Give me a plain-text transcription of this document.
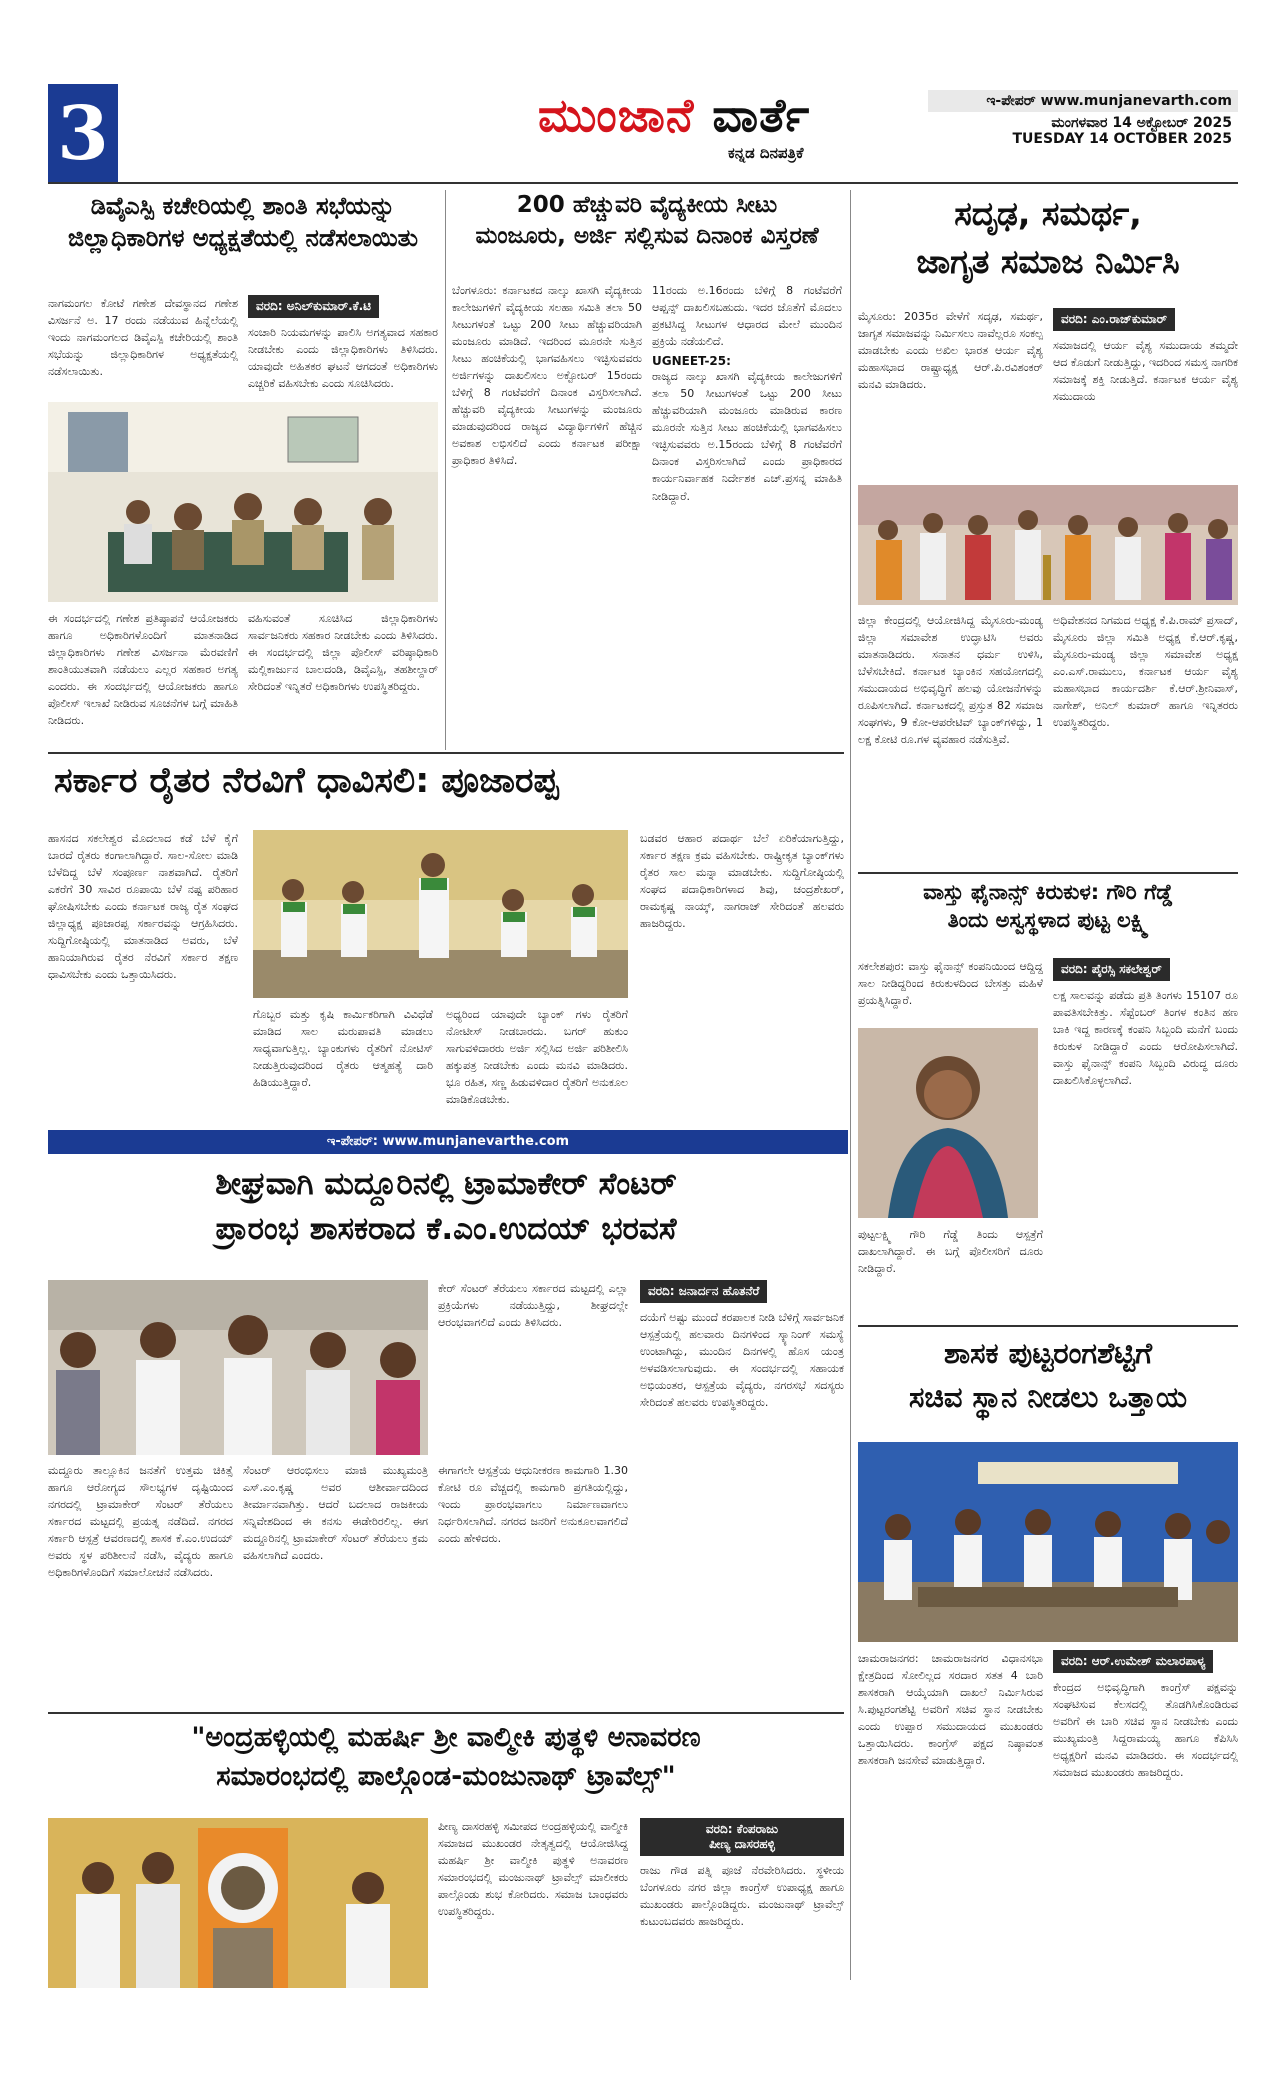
3	ಮುಂಜಾನೆ ವಾರ್ತೆ
ಕನ್ನಡ ದಿನಪತ್ರಿಕೆ
ಇ-ಪೇಪರ್ www.munjanevarth.com
ಮಂಗಳವಾರ 14 ಅಕ್ಟೋಬರ್ 2025
TUESDAY 14 OCTOBER 2025
ಡಿವೈಎಸ್ಪಿ ಕಚೇರಿಯಲ್ಲಿ ಶಾಂತಿ ಸಭೆಯನ್ನು
ಜಿಲ್ಲಾಧಿಕಾರಿಗಳ ಅಧ್ಯಕ್ಷತೆಯಲ್ಲಿ ನಡೆಸಲಾಯಿತು
ನಾಗಮಂಗಲ ಕೋಟೆ ಗಣೇಶ ದೇವಸ್ಥಾನದ ಗಣೇಶ ವಿಸರ್ಜನೆ ಅ. 17 ರಂದು ನಡೆಯುವ ಹಿನ್ನೆಲೆಯಲ್ಲಿ ಇಂದು ನಾಗಮಂಗಲದ ಡಿವೈಎಸ್ಪಿ ಕಚೇರಿಯಲ್ಲಿ ಶಾಂತಿ ಸಭೆಯನ್ನು ಜಿಲ್ಲಾಧಿಕಾರಿಗಳ ಅಧ್ಯಕ್ಷತೆಯಲ್ಲಿ ನಡೆಸಲಾಯಿತು.
ವರದಿ: ಅನಿಲ್‌ಕುಮಾರ್.ಕೆ.ಟಿ
ಸಂಚಾರಿ ನಿಯಮಗಳನ್ನು ಪಾಲಿಸಿ ಅಗತ್ಯವಾದ ಸಹಕಾರ ನೀಡಬೇಕು ಎಂದು ಜಿಲ್ಲಾಧಿಕಾರಿಗಳು ತಿಳಿಸಿದರು. ಯಾವುದೇ ಅಹಿತಕರ ಘಟನೆ ಆಗದಂತೆ ಅಧಿಕಾರಿಗಳು ಎಚ್ಚರಿಕೆ ವಹಿಸಬೇಕು ಎಂದು ಸೂಚಿಸಿದರು.
ಈ ಸಂದರ್ಭದಲ್ಲಿ ಗಣೇಶ ಪ್ರತಿಷ್ಠಾಪನೆ ಆಯೋಜಕರು ಹಾಗೂ ಅಧಿಕಾರಿಗಳೊಂದಿಗೆ ಮಾತನಾಡಿದ ಜಿಲ್ಲಾಧಿಕಾರಿಗಳು ಗಣೇಶ ವಿಸರ್ಜನಾ ಮೆರವಣಿಗೆ ಶಾಂತಿಯುತವಾಗಿ ನಡೆಯಲು ಎಲ್ಲರ ಸಹಕಾರ ಅಗತ್ಯ ಎಂದರು. ಈ ಸಂದರ್ಭದಲ್ಲಿ ಆಯೋಜಕರು ಹಾಗೂ ಪೊಲೀಸ್ ಇಲಾಖೆ ನೀಡಿರುವ ಸೂಚನೆಗಳ ಬಗ್ಗೆ ಮಾಹಿತಿ ನೀಡಿದರು.
ವಹಿಸುವಂತೆ ಸೂಚಿಸಿದ ಜಿಲ್ಲಾಧಿಕಾರಿಗಳು ಸಾರ್ವಜನಿಕರು ಸಹಕಾರ ನೀಡಬೇಕು ಎಂದು ತಿಳಿಸಿದರು. ಈ ಸಂದರ್ಭದಲ್ಲಿ ಜಿಲ್ಲಾ ಪೊಲೀಸ್ ವರಿಷ್ಠಾಧಿಕಾರಿ ಮಲ್ಲಿಕಾರ್ಜುನ ಬಾಲದಂಡಿ, ಡಿವೈಎಸ್ಪಿ, ತಹಶೀಲ್ದಾರ್ ಸೇರಿದಂತೆ ಇನ್ನಿತರೆ ಅಧಿಕಾರಿಗಳು ಉಪಸ್ಥಿತರಿದ್ದರು.
200 ಹೆಚ್ಚುವರಿ ವೈದ್ಯಕೀಯ ಸೀಟು
ಮಂಜೂರು, ಅರ್ಜಿ ಸಲ್ಲಿಸುವ ದಿನಾಂಕ ವಿಸ್ತರಣೆ
ಬೆಂಗಳೂರು: ಕರ್ನಾಟಕದ ನಾಲ್ಕು ಖಾಸಗಿ ವೈದ್ಯಕೀಯ ಕಾಲೇಜುಗಳಿಗೆ ವೈದ್ಯಕೀಯ ಸಲಹಾ ಸಮಿತಿ ತಲಾ 50 ಸೀಟುಗಳಂತೆ ಒಟ್ಟು 200 ಸೀಟು ಹೆಚ್ಚುವರಿಯಾಗಿ ಮಂಜೂರು ಮಾಡಿದೆ. ಇದರಿಂದ ಮೂರನೇ ಸುತ್ತಿನ ಸೀಟು ಹಂಚಿಕೆಯಲ್ಲಿ ಭಾಗವಹಿಸಲು ಇಚ್ಛಿಸುವವರು ಅರ್ಜಿಗಳನ್ನು ದಾಖಲಿಸಲು ಅಕ್ಟೋಬರ್ 15ರಂದು ಬೆಳಿಗ್ಗೆ 8 ಗಂಟೆವರೆಗೆ ದಿನಾಂಕ ವಿಸ್ತರಿಸಲಾಗಿದೆ. ಹೆಚ್ಚುವರಿ ವೈದ್ಯಕೀಯ ಸೀಟುಗಳನ್ನು ಮಂಜೂರು ಮಾಡುವುದರಿಂದ ರಾಜ್ಯದ ವಿದ್ಯಾರ್ಥಿಗಳಿಗೆ ಹೆಚ್ಚಿನ ಅವಕಾಶ ಲಭಿಸಲಿದೆ ಎಂದು ಕರ್ನಾಟಕ ಪರೀಕ್ಷಾ ಪ್ರಾಧಿಕಾರ ತಿಳಿಸಿದೆ.
11ರಂದು ಅ.16ರಂದು ಬೆಳಿಗ್ಗೆ 8 ಗಂಟೆವರೆಗೆ ಆಪ್ಷನ್ಸ್ ದಾಖಲಿಸಬಹುದು. ಇದರ ಜೊತೆಗೆ ಮೊದಲು ಪ್ರಕಟಿಸಿದ್ದ ಸೀಟುಗಳ ಆಧಾರದ ಮೇಲೆ ಮುಂದಿನ ಪ್ರಕ್ರಿಯೆ ನಡೆಯಲಿದೆ.
UGNEET-25:
ರಾಜ್ಯದ ನಾಲ್ಕು ಖಾಸಗಿ ವೈದ್ಯಕೀಯ ಕಾಲೇಜುಗಳಿಗೆ ತಲಾ 50 ಸೀಟುಗಳಂತೆ ಒಟ್ಟು 200 ಸೀಟು ಹೆಚ್ಚುವರಿಯಾಗಿ ಮಂಜೂರು ಮಾಡಿರುವ ಕಾರಣ ಮೂರನೇ ಸುತ್ತಿನ ಸೀಟು ಹಂಚಿಕೆಯಲ್ಲಿ ಭಾಗವಹಿಸಲು ಇಚ್ಛಿಸುವವರು ಅ.15ರಂದು ಬೆಳಿಗ್ಗೆ 8 ಗಂಟೆವರೆಗೆ ದಿನಾಂಕ ವಿಸ್ತರಿಸಲಾಗಿದೆ ಎಂದು ಪ್ರಾಧಿಕಾರದ ಕಾರ್ಯನಿರ್ವಾಹಕ ನಿರ್ದೇಶಕ ಎಚ್.ಪ್ರಸನ್ನ ಮಾಹಿತಿ ನೀಡಿದ್ದಾರೆ.
ಸದೃಢ, ಸಮರ್ಥ,
ಜಾಗೃತ ಸಮಾಜ ನಿರ್ಮಿಸಿ
ಮೈಸೂರು: 2035ರ ವೇಳೆಗೆ ಸದೃಢ, ಸಮರ್ಥ, ಜಾಗೃತ ಸಮಾಜವನ್ನು ನಿರ್ಮಿಸಲು ನಾವೆಲ್ಲರೂ ಸಂಕಲ್ಪ ಮಾಡಬೇಕು ಎಂದು ಅಖಿಲ ಭಾರತ ಆರ್ಯ ವೈಶ್ಯ ಮಹಾಸಭಾದ ರಾಷ್ಟ್ರಾಧ್ಯಕ್ಷ ಆರ್.ಪಿ.ರವಿಶಂಕರ್ ಮನವಿ ಮಾಡಿದರು.
ವರದಿ: ಎಂ.ರಾಜ್‌ಕುಮಾರ್
ಸಮಾಜದಲ್ಲಿ ಆರ್ಯ ವೈಶ್ಯ ಸಮುದಾಯ ತಮ್ಮದೇ ಆದ ಕೊಡುಗೆ ನೀಡುತ್ತಿದ್ದು, ಇದರಿಂದ ಸಮಸ್ತ ನಾಗರಿಕ ಸಮಾಜಕ್ಕೆ ಶಕ್ತಿ ನೀಡುತ್ತಿದೆ. ಕರ್ನಾಟಕ ಆರ್ಯ ವೈಶ್ಯ ಸಮುದಾಯ
ಜಿಲ್ಲಾ ಕೇಂದ್ರದಲ್ಲಿ ಆಯೋಜಿಸಿದ್ದ ಮೈಸೂರು-ಮಂಡ್ಯ ಜಿಲ್ಲಾ ಸಮಾವೇಶ ಉದ್ಘಾಟಿಸಿ ಅವರು ಮಾತನಾಡಿದರು. ಸನಾತನ ಧರ್ಮ ಉಳಿಸಿ, ಬೆಳೆಸಬೇಕಿದೆ. ಕರ್ನಾಟಕ ಬ್ಯಾಂಕಿನ ಸಹಯೋಗದಲ್ಲಿ ಸಮುದಾಯದ ಅಭಿವೃದ್ಧಿಗೆ ಹಲವು ಯೋಜನೆಗಳನ್ನು ರೂಪಿಸಲಾಗಿದೆ. ಕರ್ನಾಟಕದಲ್ಲಿ ಪ್ರಸ್ತುತ 82 ಸಮಾಜ ಸಂಘಗಳು, 9 ಕೋ-ಆಪರೇಟಿವ್ ಬ್ಯಾಂಕ್‌ಗಳಿದ್ದು, 1 ಲಕ್ಷ ಕೋಟಿ ರೂ.ಗಳ ವ್ಯವಹಾರ ನಡೆಸುತ್ತಿವೆ.
ಅಧಿವೇಶನದ ನಿಗಮದ ಅಧ್ಯಕ್ಷ ಕೆ.ಪಿ.ರಾಮ್ ಪ್ರಸಾದ್, ಮೈಸೂರು ಜಿಲ್ಲಾ ಸಮಿತಿ ಅಧ್ಯಕ್ಷ ಕೆ.ಆರ್.ಕೃಷ್ಣ, ಮೈಸೂರು-ಮಂಡ್ಯ ಜಿಲ್ಲಾ ಸಮಾವೇಶ ಅಧ್ಯಕ್ಷ ಎಂ.ಎಸ್.ರಾಮುಲು, ಕರ್ನಾಟಕ ಆರ್ಯ ವೈಶ್ಯ ಮಹಾಸಭಾದ ಕಾರ್ಯದರ್ಶಿ ಕೆ.ಆರ್.ಶ್ರೀನಿವಾಸ್, ನಾಗೇಶ್, ಅನಿಲ್ ಕುಮಾರ್ ಹಾಗೂ ಇನ್ನಿತರರು ಉಪಸ್ಥಿತರಿದ್ದರು.
ಸರ್ಕಾರ ರೈತರ ನೆರವಿಗೆ ಧಾವಿಸಲಿ: ಪೂಜಾರಪ್ಪ
ಹಾಸನದ ಸಕಲೇಶ್ವರ ಮೊದಲಾದ ಕಡೆ ಬೆಳೆ ಕೈಗೆ ಬಾರದೆ ರೈತರು ಕಂಗಾಲಾಗಿದ್ದಾರೆ. ಸಾಲ-ಸೋಲ ಮಾಡಿ ಬೆಳೆದಿದ್ದ ಬೆಳೆ ಸಂಪೂರ್ಣ ನಾಶವಾಗಿದೆ. ರೈತರಿಗೆ ಎಕರೆಗೆ 30 ಸಾವಿರ ರೂಪಾಯಿ ಬೆಳೆ ನಷ್ಟ ಪರಿಹಾರ ಘೋಷಿಸಬೇಕು ಎಂದು ಕರ್ನಾಟಕ ರಾಜ್ಯ ರೈತ ಸಂಘದ ಜಿಲ್ಲಾಧ್ಯಕ್ಷ ಪೂಜಾರಪ್ಪ ಸರ್ಕಾರವನ್ನು ಆಗ್ರಹಿಸಿದರು. ಸುದ್ದಿಗೋಷ್ಠಿಯಲ್ಲಿ ಮಾತನಾಡಿದ ಅವರು, ಬೆಳೆ ಹಾನಿಯಾಗಿರುವ ರೈತರ ನೆರವಿಗೆ ಸರ್ಕಾರ ತಕ್ಷಣ ಧಾವಿಸಬೇಕು ಎಂದು ಒತ್ತಾಯಿಸಿದರು.
ಗೊಬ್ಬರ ಮತ್ತು ಕೃಷಿ ಕಾರ್ಮಿಕರಿಗಾಗಿ ವಿವಿಧೆಡೆ ಮಾಡಿದ ಸಾಲ ಮರುಪಾವತಿ ಮಾಡಲು ಸಾಧ್ಯವಾಗುತ್ತಿಲ್ಲ. ಬ್ಯಾಂಕುಗಳು ರೈತರಿಗೆ ನೋಟಿಸ್ ನೀಡುತ್ತಿರುವುದರಿಂದ ರೈತರು ಆತ್ಮಹತ್ಯೆ ದಾರಿ ಹಿಡಿಯುತ್ತಿದ್ದಾರೆ.
ಅಧ್ಯರಿಂದ ಯಾವುದೇ ಬ್ಯಾಂಕ್ ಗಳು ರೈತರಿಗೆ ನೋಟೀಸ್ ನೀಡಬಾರದು. ಬಗರ್ ಹುಕುಂ ಸಾಗುವಳಿದಾರರು ಅರ್ಜಿ ಸಲ್ಲಿಸಿದ ಅರ್ಜಿ ಪರಿಶೀಲಿಸಿ ಹಕ್ಕುಪತ್ರ ನೀಡಬೇಕು ಎಂದು ಮನವಿ ಮಾಡಿದರು. ಭೂ ರಹಿತ, ಸಣ್ಣ ಹಿಡುವಳಿದಾರ ರೈತರಿಗೆ ಅನುಕೂಲ ಮಾಡಿಕೊಡಬೇಕು.
ಬಡವರ ಆಹಾರ ಪದಾರ್ಥ ಬೆಲೆ ಏರಿಕೆಯಾಗುತ್ತಿದ್ದು, ಸರ್ಕಾರ ತಕ್ಷಣ ಕ್ರಮ ವಹಿಸಬೇಕು. ರಾಷ್ಟ್ರೀಕೃತ ಬ್ಯಾಂಕ್‌ಗಳು ರೈತರ ಸಾಲ ಮನ್ನಾ ಮಾಡಬೇಕು. ಸುದ್ದಿಗೋಷ್ಠಿಯಲ್ಲಿ ಸಂಘದ ಪದಾಧಿಕಾರಿಗಳಾದ ಶಿವು, ಚಂದ್ರಶೇಖರ್, ರಾಮಕೃಷ್ಣ ನಾಯ್ಕ್, ನಾಗರಾಜ್ ಸೇರಿದಂತೆ ಹಲವರು ಹಾಜರಿದ್ದರು.
ಇ-ಪೇಪರ್: www.munjanevarthe.com
ವಾಸ್ತು ಫೈನಾನ್ಸ್ ಕಿರುಕುಳ: ಗೌರಿ ಗೆಡ್ಡೆ
ತಿಂದು ಅಸ್ವಸ್ಥಳಾದ ಪುಟ್ಟ ಲಕ್ಷ್ಮಿ
ಸಕಲೇಶಪುರ: ವಾಸ್ತು ಫೈನಾನ್ಸ್ ಕಂಪನಿಯಿಂದ ಆದ್ದಿದ್ದ ಸಾಲ ನೀಡಿದ್ದರಿಂದ ಕಿರುಕುಳದಿಂದ ಬೇಸತ್ತು ಮಹಿಳೆ ಪ್ರಯತ್ನಿಸಿದ್ದಾರೆ.
ವರದಿ: ಪೈರಸ್ಸಿ ಸಕಲೇಶ್ವರ್
ಲಕ್ಷ ಸಾಲವನ್ನು ಪಡೆದು ಪ್ರತಿ ತಿಂಗಳು 15107 ರೂ ಪಾವತಿಸಬೇಕಿತ್ತು. ಸೆಪ್ಟೆಂಬರ್ ತಿಂಗಳ ಕಂತಿನ ಹಣ ಬಾಕಿ ಇದ್ದ ಕಾರಣಕ್ಕೆ ಕಂಪನಿ ಸಿಬ್ಬಂದಿ ಮನೆಗೆ ಬಂದು ಕಿರುಕುಳ ನೀಡಿದ್ದಾರೆ ಎಂದು ಆರೋಪಿಸಲಾಗಿದೆ. ವಾಸ್ತು ಫೈನಾನ್ಸ್ ಕಂಪನಿ ಸಿಬ್ಬಂದಿ ವಿರುದ್ಧ ದೂರು ದಾಖಲಿಸಿಕೊಳ್ಳಲಾಗಿದೆ.
ಪುಟ್ಟಲಕ್ಷ್ಮಿ ಗೌರಿ ಗೆಡ್ಡೆ ತಿಂದು ಆಸ್ಪತ್ರೆಗೆ ದಾಖಲಾಗಿದ್ದಾರೆ. ಈ ಬಗ್ಗೆ ಪೊಲೀಸರಿಗೆ ದೂರು ನೀಡಿದ್ದಾರೆ.
ಶೀಘ್ರವಾಗಿ ಮದ್ದೂರಿನಲ್ಲಿ ಟ್ರಾಮಾಕೇರ್ ಸೆಂಟರ್
ಪ್ರಾರಂಭ ಶಾಸಕರಾದ ಕೆ.ಎಂ.ಉದಯ್ ಭರವಸೆ
ಕೇರ್ ಸೆಂಟರ್ ತೆರೆಯಲು ಸರ್ಕಾರದ ಮಟ್ಟದಲ್ಲಿ ಎಲ್ಲಾ ಪ್ರಕ್ರಿಯೆಗಳು ನಡೆಯುತ್ತಿದ್ದು, ಶೀಘ್ರದಲ್ಲೇ ಆರಂಭವಾಗಲಿದೆ ಎಂದು ತಿಳಿಸಿದರು.
ವರದಿ: ಜನಾರ್ದನ ಹೊತನೆರೆ
ದಯೆಗೆ ಅಷ್ಟು ಮುಂದೆ ಕರಪಾಲಕ ನೀಡಿ ಬೆಳಿಗ್ಗೆ ಸಾರ್ವಜನಿಕ ಆಸ್ಪತ್ರೆಯಲ್ಲಿ ಹಲವಾರು ದಿನಗಳಿಂದ ಸ್ಕ್ಯಾನಿಂಗ್ ಸಮಸ್ಯೆ ಉಂಟಾಗಿದ್ದು, ಮುಂದಿನ ದಿನಗಳಲ್ಲಿ ಹೊಸ ಯಂತ್ರ ಅಳವಡಿಸಲಾಗುವುದು. ಈ ಸಂದರ್ಭದಲ್ಲಿ ಸಹಾಯಕ ಅಭಿಯಂತರ, ಆಸ್ಪತ್ರೆಯ ವೈದ್ಯರು, ನಗರಸಭೆ ಸದಸ್ಯರು ಸೇರಿದಂತೆ ಹಲವರು ಉಪಸ್ಥಿತರಿದ್ದರು.
ಮದ್ದೂರು ತಾಲ್ಲೂಕಿನ ಜನತೆಗೆ ಉತ್ತಮ ಚಿಕಿತ್ಸೆ ಹಾಗೂ ಆರೋಗ್ಯದ ಸೌಲಭ್ಯಗಳ ದೃಷ್ಟಿಯಿಂದ ನಗರದಲ್ಲಿ ಟ್ರಾಮಾಕೇರ್ ಸೆಂಟರ್ ತೆರೆಯಲು ಸರ್ಕಾರದ ಮಟ್ಟದಲ್ಲಿ ಪ್ರಯತ್ನ ನಡೆದಿದೆ. ನಗರದ ಸರ್ಕಾರಿ ಆಸ್ಪತ್ರೆ ಆವರಣದಲ್ಲಿ ಶಾಸಕ ಕೆ.ಎಂ.ಉದಯ್ ಅವರು ಸ್ಥಳ ಪರಿಶೀಲನೆ ನಡೆಸಿ, ವೈದ್ಯರು ಹಾಗೂ ಅಧಿಕಾರಿಗಳೊಂದಿಗೆ ಸಮಾಲೋಚನೆ ನಡೆಸಿದರು.
ಸೆಂಟರ್ ಆರಂಭಿಸಲು ಮಾಜಿ ಮುಖ್ಯಮಂತ್ರಿ ಎಸ್.ಎಂ.ಕೃಷ್ಣ ಅವರ ಆಶೀರ್ವಾದದಿಂದ ತೀರ್ಮಾನವಾಗಿತ್ತು. ಆದರೆ ಬದಲಾದ ರಾಜಕೀಯ ಸನ್ನಿವೇಶದಿಂದ ಈ ಕನಸು ಈಡೇರಿರಲಿಲ್ಲ. ಈಗ ಮದ್ದೂರಿನಲ್ಲಿ ಟ್ರಾಮಾಕೇರ್ ಸೆಂಟರ್ ತೆರೆಯಲು ಕ್ರಮ ವಹಿಸಲಾಗಿದೆ ಎಂದರು.
ಈಗಾಗಲೇ ಆಸ್ಪತ್ರೆಯ ಆಧುನೀಕರಣ ಕಾಮಗಾರಿ 1.30 ಕೋಟಿ ರೂ ವೆಚ್ಚದಲ್ಲಿ ಕಾಮಗಾರಿ ಪ್ರಗತಿಯಲ್ಲಿದ್ದು, ಇಂದು ಪ್ರಾರಂಭವಾಗಲು ನಿರ್ಮಾಣವಾಗಲು ನಿರ್ಧರಿಸಲಾಗಿದೆ. ನಗರದ ಜನರಿಗೆ ಅನುಕೂಲವಾಗಲಿದೆ ಎಂದು ಹೇಳಿದರು.
ಶಾಸಕ ಪುಟ್ಟರಂಗಶೆಟ್ಟಿಗೆ
ಸಚಿವ ಸ್ಥಾನ ನೀಡಲು ಒತ್ತಾಯ
ಚಾಮರಾಜನಗರ: ಚಾಮರಾಜನಗರ ವಿಧಾನಸಭಾ ಕ್ಷೇತ್ರದಿಂದ ಸೋಲಿಲ್ಲದ ಸರದಾರ ಸತತ 4 ಬಾರಿ ಶಾಸಕರಾಗಿ ಆಯ್ಕೆಯಾಗಿ ದಾಖಲೆ ನಿರ್ಮಿಸಿರುವ ಸಿ.ಪುಟ್ಟರಂಗಶೆಟ್ಟಿ ಅವರಿಗೆ ಸಚಿವ ಸ್ಥಾನ ನೀಡಬೇಕು ಎಂದು ಉಪ್ಪಾರ ಸಮುದಾಯದ ಮುಖಂಡರು ಒತ್ತಾಯಿಸಿದರು. ಕಾಂಗ್ರೆಸ್ ಪಕ್ಷದ ನಿಷ್ಠಾವಂತ ಶಾಸಕರಾಗಿ ಜನಸೇವೆ ಮಾಡುತ್ತಿದ್ದಾರೆ.
ವರದಿ: ಆರ್.ಉಮೇಶ್ ಮಲಾರಪಾಳ್ಯ
ಕೇಂದ್ರದ ಅಭಿವೃದ್ಧಿಗಾಗಿ ಕಾಂಗ್ರೆಸ್ ಪಕ್ಷವನ್ನು ಸಂಘಟಿಸುವ ಕೆಲಸದಲ್ಲಿ ತೊಡಗಿಸಿಕೊಂಡಿರುವ ಅವರಿಗೆ ಈ ಬಾರಿ ಸಚಿವ ಸ್ಥಾನ ನೀಡಬೇಕು ಎಂದು ಮುಖ್ಯಮಂತ್ರಿ ಸಿದ್ದರಾಮಯ್ಯ ಹಾಗೂ ಕೆಪಿಸಿಸಿ ಅಧ್ಯಕ್ಷರಿಗೆ ಮನವಿ ಮಾಡಿದರು. ಈ ಸಂದರ್ಭದಲ್ಲಿ ಸಮಾಜದ ಮುಖಂಡರು ಹಾಜರಿದ್ದರು.
"ಅಂದ್ರಹಳ್ಳಿಯಲ್ಲಿ ಮಹರ್ಷಿ ಶ್ರೀ ವಾಲ್ಮೀಕಿ ಪುತ್ಥಳಿ ಅನಾವರಣ
ಸಮಾರಂಭದಲ್ಲಿ ಪಾಲ್ಗೊಂಡ-ಮಂಜುನಾಥ್ ಟ್ರಾವೆಲ್ಸ್"
ಪೀಣ್ಯ ದಾಸರಹಳ್ಳಿ ಸಮೀಪದ ಅಂದ್ರಹಳ್ಳಿಯಲ್ಲಿ ವಾಲ್ಮೀಕಿ ಸಮಾಜದ ಮುಖಂಡರ ನೇತೃತ್ವದಲ್ಲಿ ಆಯೋಜಿಸಿದ್ದ ಮಹರ್ಷಿ ಶ್ರೀ ವಾಲ್ಮೀಕಿ ಪುತ್ಥಳಿ ಅನಾವರಣ ಸಮಾರಂಭದಲ್ಲಿ ಮಂಜುನಾಥ್ ಟ್ರಾವೆಲ್ಸ್ ಮಾಲೀಕರು ಪಾಲ್ಗೊಂಡು ಶುಭ ಕೋರಿದರು. ಸಮಾಜ ಬಾಂಧವರು ಉಪಸ್ಥಿತರಿದ್ದರು.
ವರದಿ: ಕೆಂಪರಾಜು
ಪೀಣ್ಯ ದಾಸರಹಳ್ಳಿ
ರಾಜು ಗೌಡ ಪತ್ನಿ ಪೂಜೆ ನೆರವೇರಿಸಿದರು. ಸ್ಥಳೀಯ ಬೆಂಗಳೂರು ನಗರ ಜಿಲ್ಲಾ ಕಾಂಗ್ರೆಸ್ ಉಪಾಧ್ಯಕ್ಷ ಹಾಗೂ ಮುಖಂಡರು ಪಾಲ್ಗೊಂಡಿದ್ದರು. ಮಂಜುನಾಥ್ ಟ್ರಾವೆಲ್ಸ್ ಕುಟುಂಬದವರು ಹಾಜರಿದ್ದರು.
